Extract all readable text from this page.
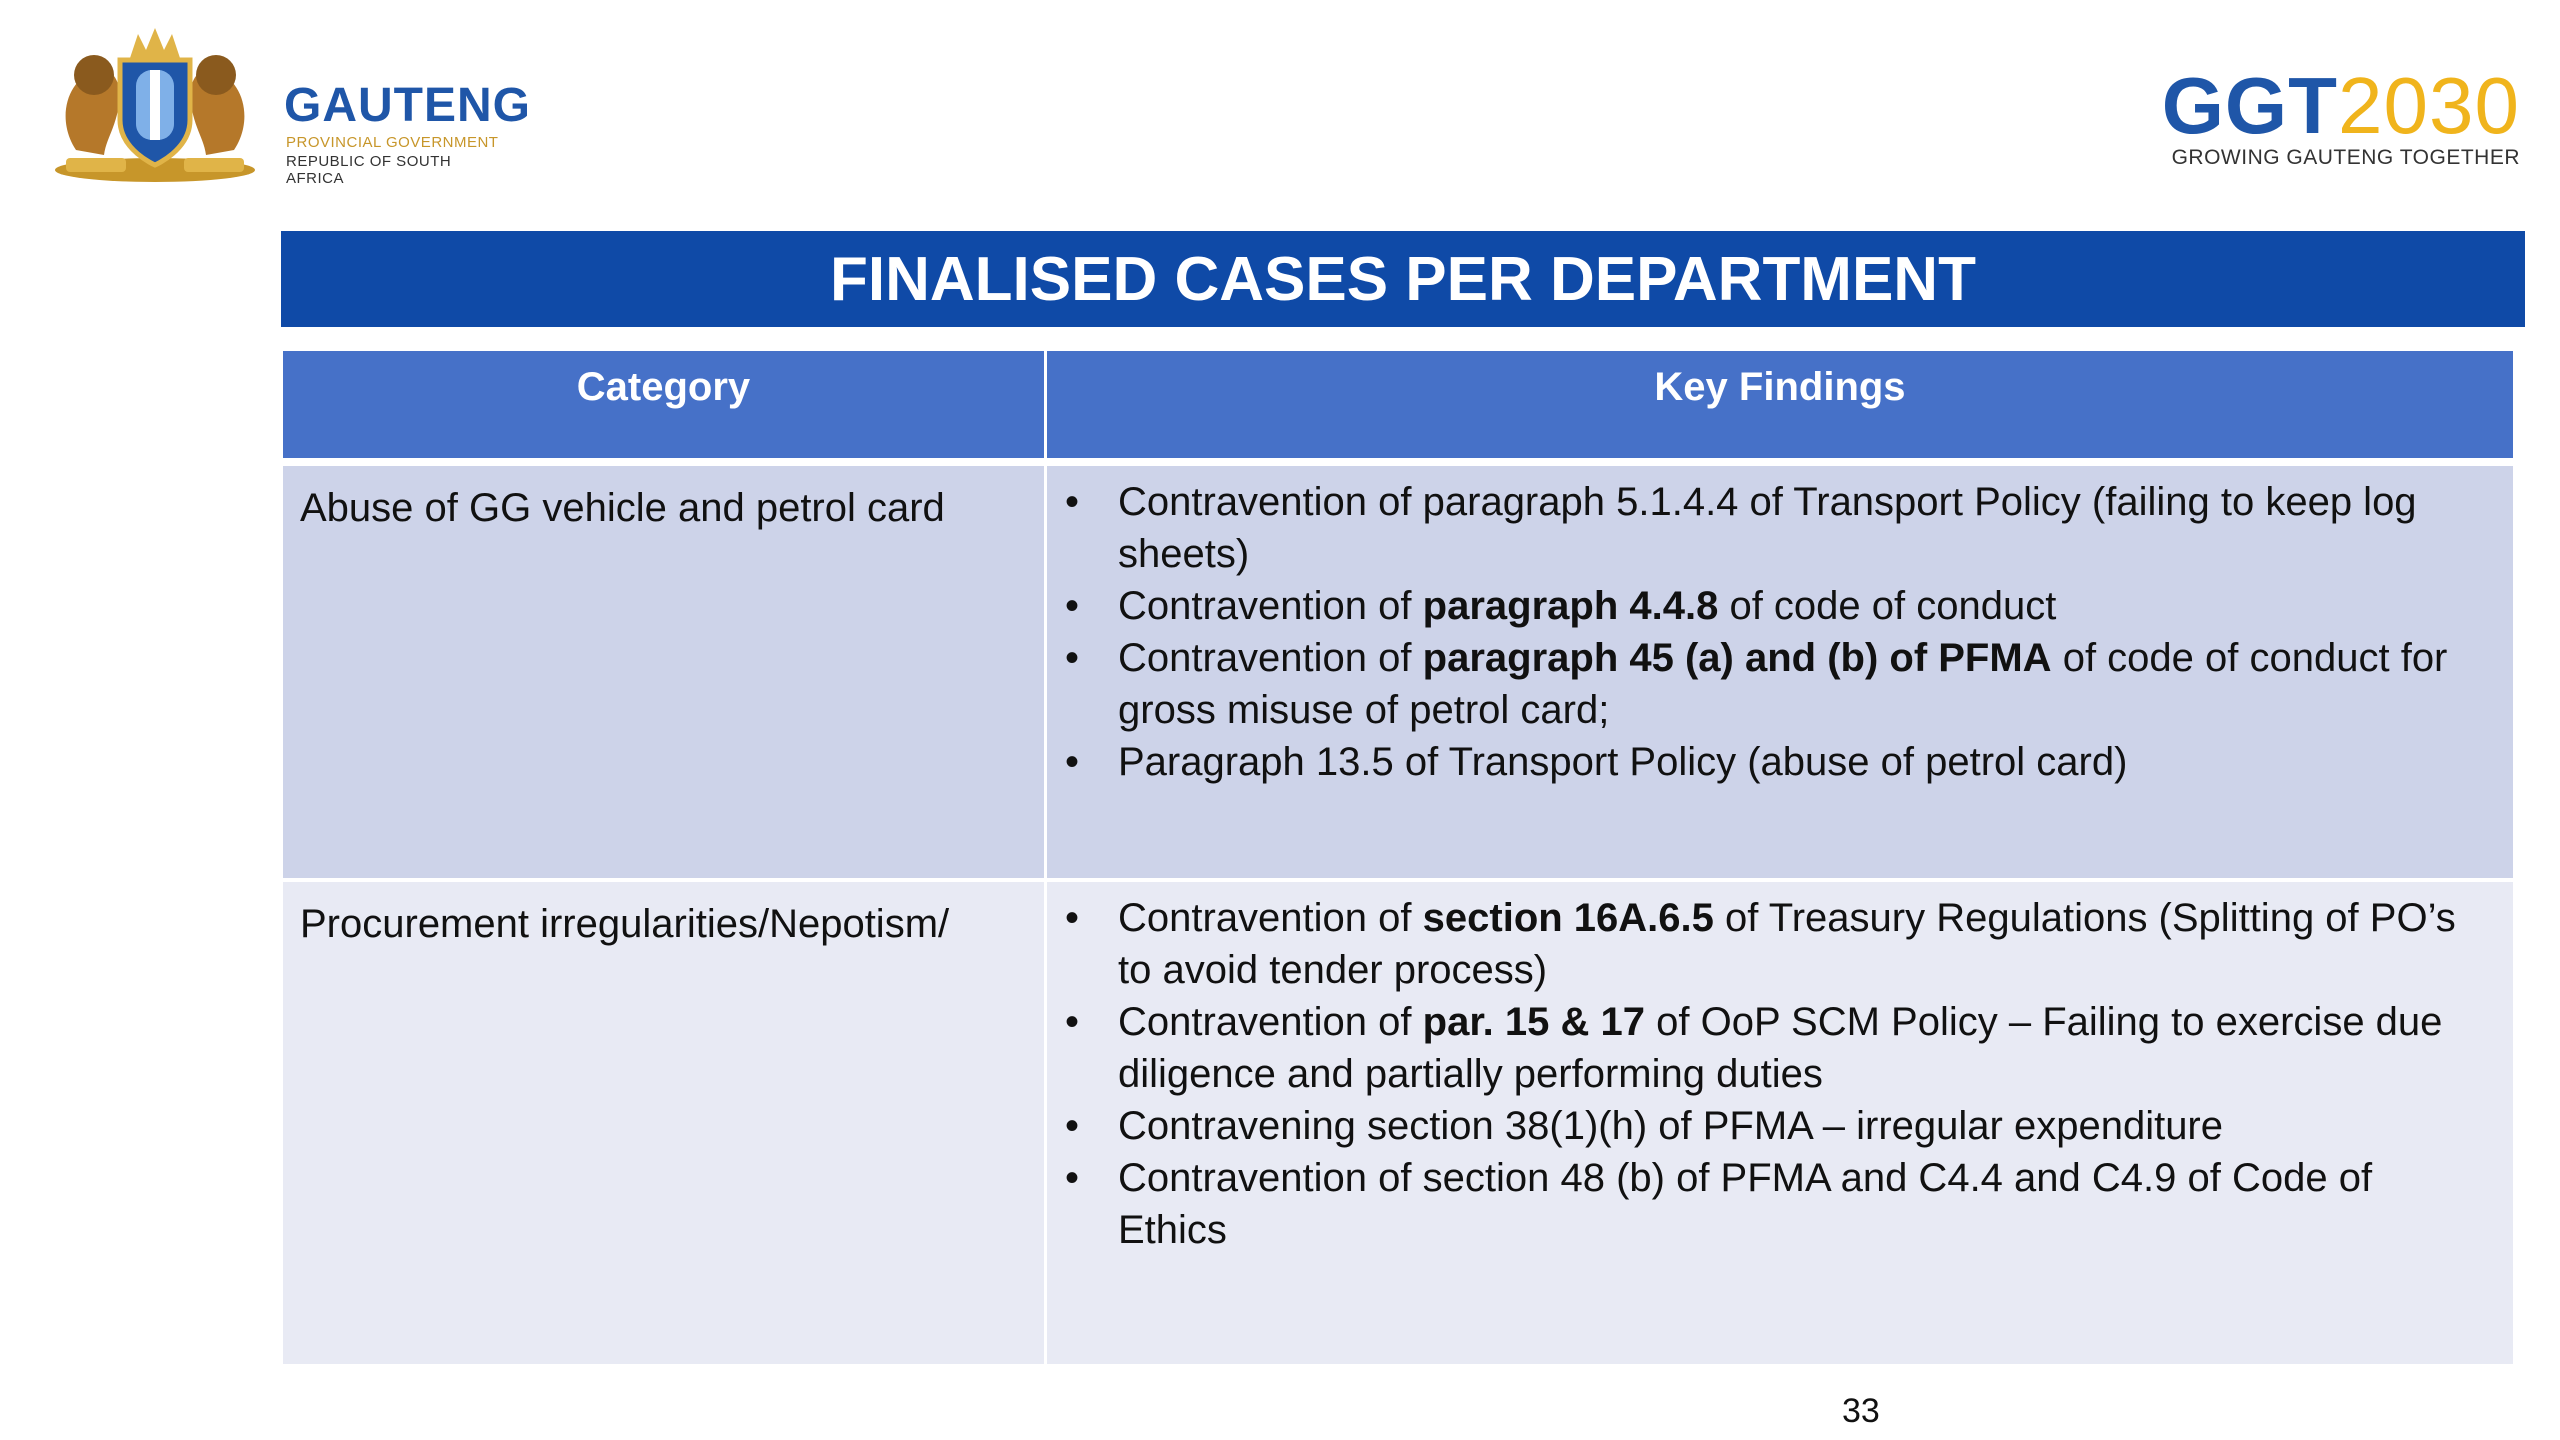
GAUTENG
PROVINCIAL GOVERNMENT
REPUBLIC OF SOUTH AFRICA
GGT2030
GROWING GAUTENG TOGETHER
FINALISED CASES PER DEPARTMENT
Category	Key Findings
Abuse of GG vehicle and petrol card	• Contravention of paragraph 5.1.4.4 of Transport Policy (failing to keep log sheets)
• Contravention of paragraph 4.4.8 of code of conduct
• Contravention of paragraph 45 (a) and (b) of PFMA of code of conduct for gross misuse of petrol card;
• Paragraph 13.5 of Transport Policy (abuse of petrol card)
Procurement irregularities/Nepotism/	• Contravention of section 16A.6.5 of Treasury Regulations (Splitting of PO’s to avoid tender process)
• Contravention of par. 15 & 17 of OoP SCM Policy – Failing to exercise due diligence and partially performing duties
• Contravening section 38(1)(h) of PFMA – irregular expenditure
• Contravention of section 48 (b) of PFMA and C4.4 and C4.9 of Code of Ethics
33
